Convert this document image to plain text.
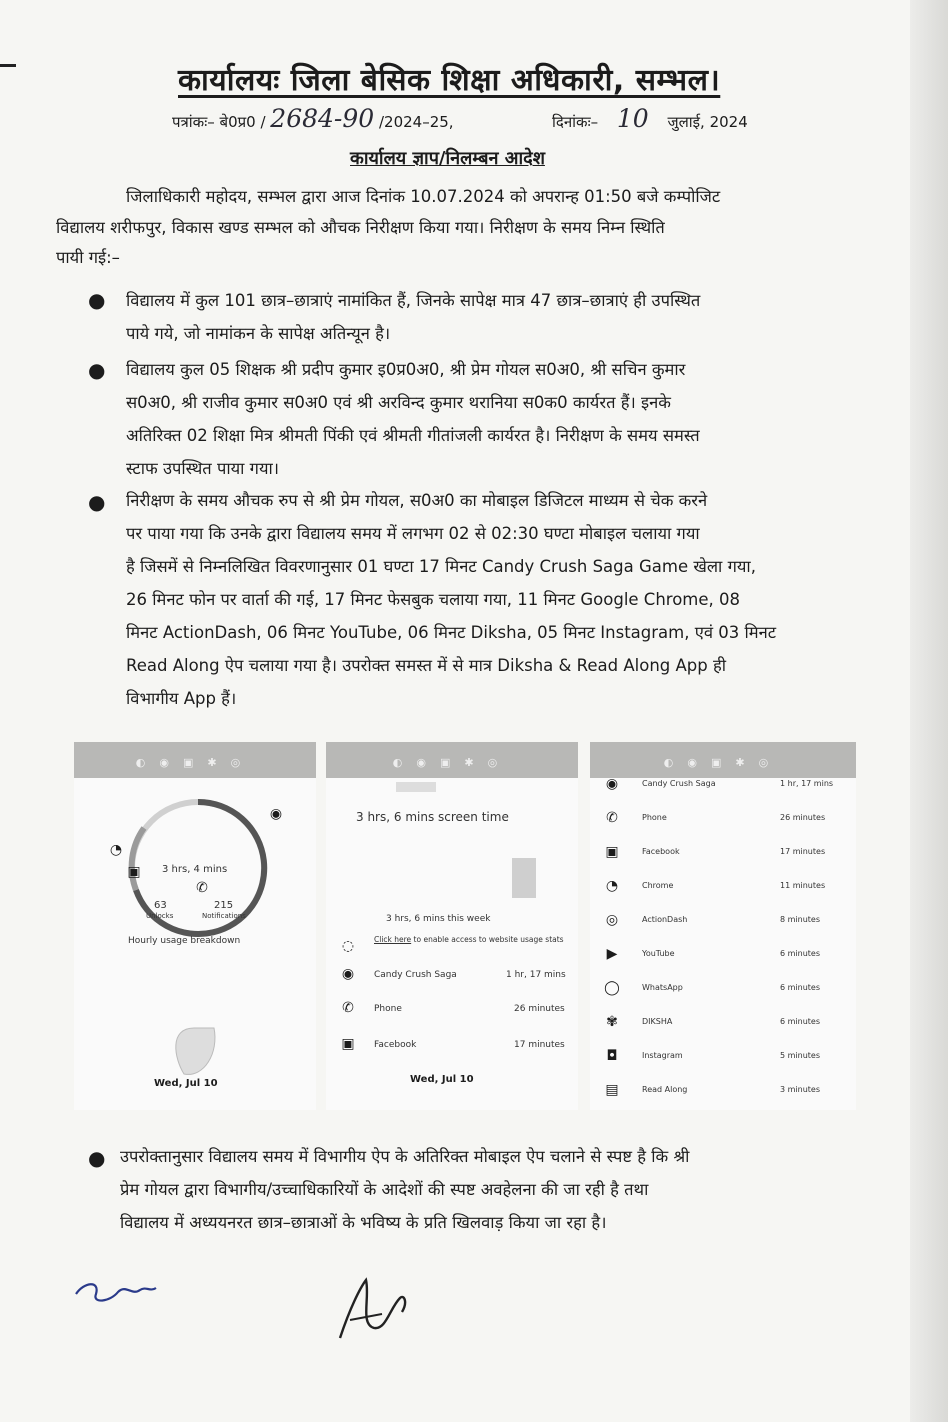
कार्यालयः जिला बेसिक शिक्षा अधिकारी, सम्भल।
पत्रांकः– बे0प्र0 / 2684-90 /2024–25,	दिनांकः– 10 जुलाई, 2024
कार्यालय ज्ञाप/निलम्बन आदेश
जिलाधिकारी महोदय, सम्भल द्वारा आज दिनांक 10.07.2024 को अपरान्ह 01:50 बजे कम्पोजिट
विद्यालय शरीफपुर, विकास खण्ड सम्भल को औचक निरीक्षण किया गया। निरीक्षण के समय निम्न स्थिति
पायी गई:–
● विद्यालय में कुल 101 छात्र–छात्राएं नामांकित हैं, जिनके सापेक्ष मात्र 47 छात्र–छात्राएं ही उपस्थित
पाये गये, जो नामांकन के सापेक्ष अतिन्यून है।
● विद्यालय कुल 05 शिक्षक श्री प्रदीप कुमार इ0प्र0अ0, श्री प्रेम गोयल स0अ0, श्री सचिन कुमार
स0अ0, श्री राजीव कुमार स0अ0 एवं श्री अरविन्द कुमार थरानिया स0क0 कार्यरत हैं। इनके
अतिरिक्त 02 शिक्षा मित्र श्रीमती पिंकी एवं श्रीमती गीतांजली कार्यरत है। निरीक्षण के समय समस्त
स्टाफ उपस्थित पाया गया।
● निरीक्षण के समय औचक रुप से श्री प्रेम गोयल, स0अ0 का मोबाइल डिजिटल माध्यम से चेक करने
पर पाया गया कि उनके द्वारा विद्यालय समय में लगभग 02 से 02:30 घण्टा मोबाइल चलाया गया
है जिसमें से निम्नलिखित विवरणानुसार 01 घण्टा 17 मिनट Candy Crush Saga Game खेला गया,
26 मिनट फोन पर वार्ता की गई, 17 मिनट फेसबुक चलाया गया, 11 मिनट Google Chrome, 08
मिनट ActionDash, 06 मिनट YouTube, 06 मिनट Diksha, 05 मिनट Instagram, एवं 03 मिनट
Read Along ऐप चलाया गया है। उपरोक्त समस्त में से मात्र Diksha & Read Along App ही
विभागीय App हैं।
◐◉▣✱◎
3 hrs, 4 mins
◉
◔
▣
✆
63
Unlocks
215
Notifications
Hourly usage breakdown
Wed, Jul 10
◐◉▣✱◎
3 hrs, 6 mins screen time
3 hrs, 6 mins this week
◌	Click here to enable access to website usage stats
◉ Candy Crush Saga	1 hr, 17 mins
✆ Phone	26 minutes
▣ Facebook	17 minutes
Wed, Jul 10
◐◉▣✱◎
◉	Candy Crush Saga	1 hr, 17 mins
✆	Phone	26 minutes
▣	Facebook	17 minutes
◔	Chrome	11 minutes
◎	ActionDash	8 minutes
▶	YouTube	6 minutes
◯	WhatsApp	6 minutes
✾	DIKSHA	6 minutes
◘	Instagram	5 minutes
▤	Read Along	3 minutes
● उपरोक्तानुसार विद्यालय समय में विभागीय ऐप के अतिरिक्त मोबाइल ऐप चलाने से स्पष्ट है कि श्री
प्रेम गोयल द्वारा विभागीय/उच्चाधिकारियों के आदेशों की स्पष्ट अवहेलना की जा रही है तथा
विद्यालय में अध्ययनरत छात्र–छात्राओं के भविष्य के प्रति खिलवाड़ किया जा रहा है।
